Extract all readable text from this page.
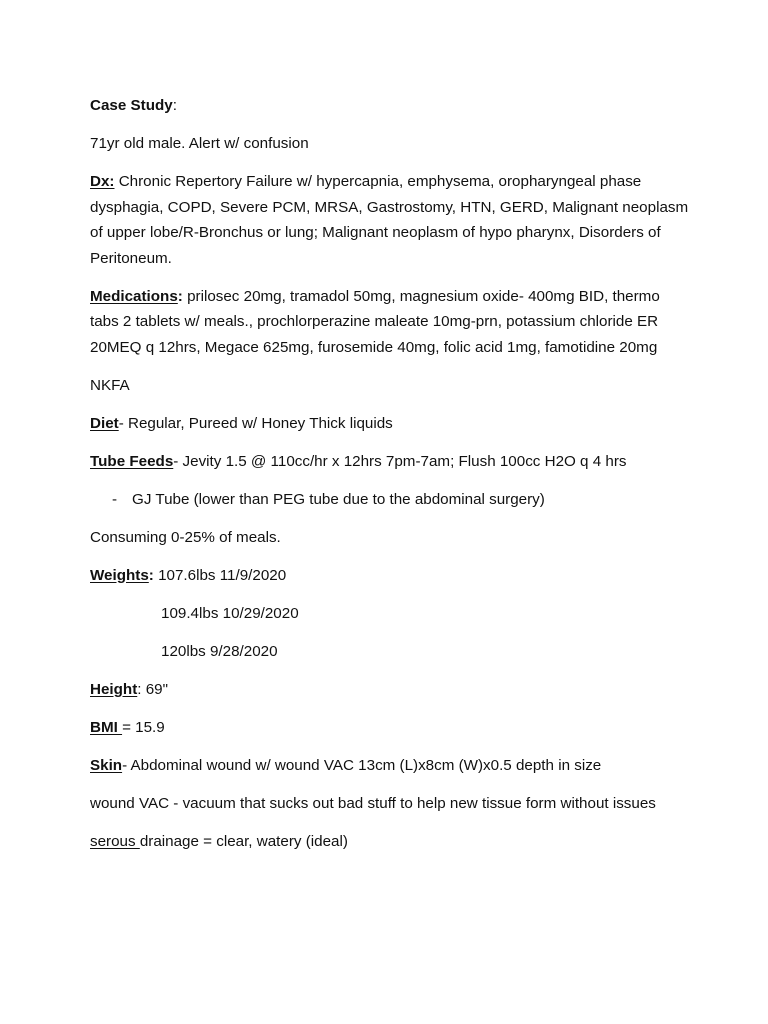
Case Study:

71yr old male. Alert w/ confusion

Dx: Chronic Repertory Failure w/ hypercapnia, emphysema, oropharyngeal phase dysphagia, COPD, Severe PCM, MRSA, Gastrostomy, HTN, GERD, Malignant neoplasm of upper lobe/R-Bronchus or lung; Malignant neoplasm of hypo pharynx, Disorders of Peritoneum.

Medications: prilosec 20mg, tramadol 50mg, magnesium oxide- 400mg BID, thermo tabs 2 tablets w/ meals., prochlorperazine maleate 10mg-prn, potassium chloride ER 20MEQ q 12hrs, Megace 625mg, furosemide 40mg, folic acid 1mg, famotidine 20mg

NKFA

Diet- Regular, Pureed w/ Honey Thick liquids

Tube Feeds- Jevity 1.5 @ 110cc/hr x 12hrs 7pm-7am; Flush 100cc H2O q 4 hrs

- GJ Tube (lower than PEG tube due to the abdominal surgery)

Consuming 0-25% of meals.

Weights: 107.6lbs 11/9/2020

109.4lbs 10/29/2020

120lbs 9/28/2020

Height: 69"

BMI = 15.9

Skin- Abdominal wound w/ wound VAC 13cm (L)x8cm (W)x0.5 depth in size

wound VAC - vacuum that sucks out bad stuff to help new tissue form without issues

serous drainage = clear, watery (ideal)
